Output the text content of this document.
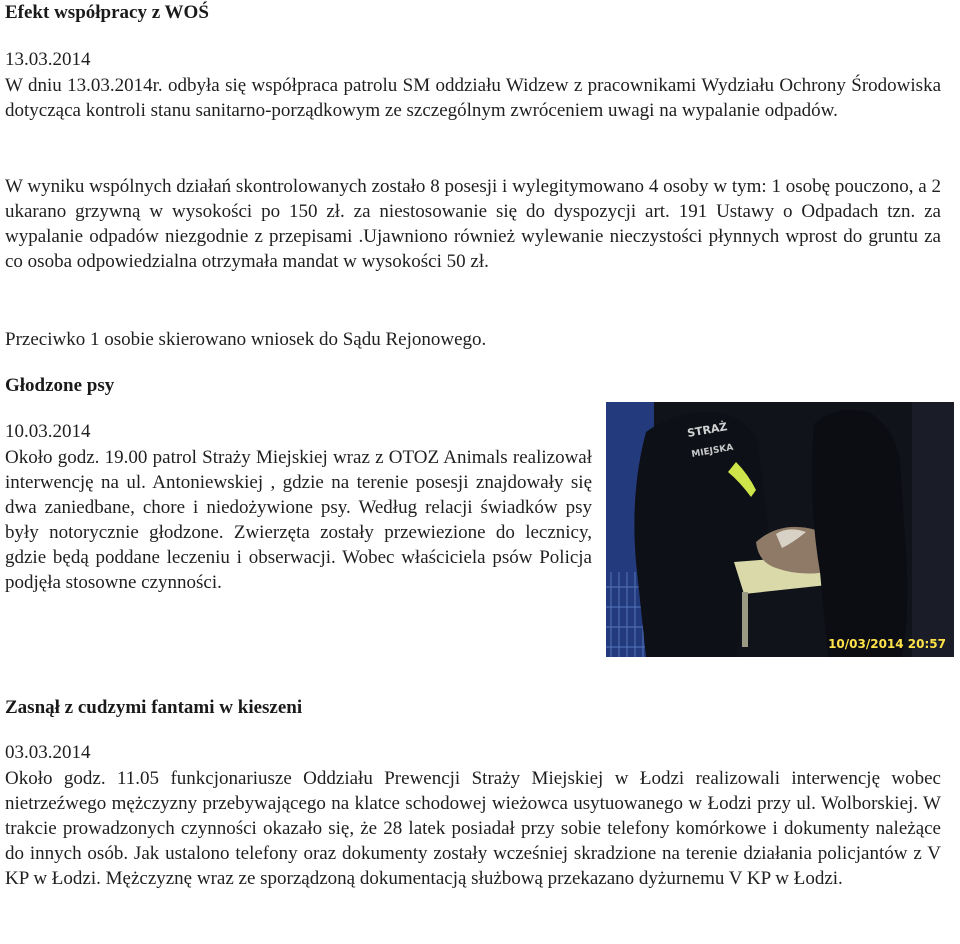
Efekt współpracy z WOŚ

13.03.2014

W dniu 13.03.2014r. odbyła się współpraca patrolu SM oddziału Widzew z pracownikami Wydziału Ochrony Środowiska dotycząca kontroli stanu sanitarno-porządkowym ze szczególnym zwróceniem uwagi na wypalanie odpadów.

W wyniku wspólnych działań skontrolowanych zostało 8 posesji i wylegitymowano 4 osoby w tym: 1 osobę pouczono, a 2 ukarano grzywną w wysokości po 150 zł. za niestosowanie się do dyspozycji art. 191 Ustawy o Odpadach tzn. za wypalanie odpadów niezgodnie z przepisami .Ujawniono również wylewanie nieczystości płynnych wprost do gruntu za co osoba odpowiedzialna otrzymała mandat w wysokości 50 zł.

Przeciwko 1 osobie skierowano wniosek do Sądu Rejonowego.

Głodzone psy

10.03.2014

Około godz. 19.00 patrol Straży Miejskiej wraz z OTOZ Animals realizował interwencję na ul. Antoniewskiej , gdzie na terenie posesji znajdowały się dwa zaniedbane, chore i niedożywione psy. Według relacji świadków psy były notorycznie głodzone. Zwierzęta zostały przewiezione do lecznicy, gdzie będą poddane leczeniu i obserwacji. Wobec właściciela psów Policja podjęła stosowne czynności.

Zasnął z cudzymi fantami w kieszeni

03.03.2014

Około godz. 11.05 funkcjonariusze Oddziału Prewencji Straży Miejskiej w Łodzi realizowali interwencję wobec nietrzeźwego mężczyzny przebywającego na klatce schodowej wieżowca usytuowanego w Łodzi przy ul. Wolborskiej. W trakcie prowadzonych czynności okazało się, że 28 latek posiadał przy sobie telefony komórkowe i dokumenty należące do innych osób. Jak ustalono telefony oraz dokumenty zostały wcześniej skradzione na terenie działania policjantów z V KP w Łodzi. Mężczyznę wraz ze sporządzoną dokumentacją służbową przekazano dyżurnemu V KP w Łodzi.

STRAŻ
MIEJSKA
10/03/2014 20:57
